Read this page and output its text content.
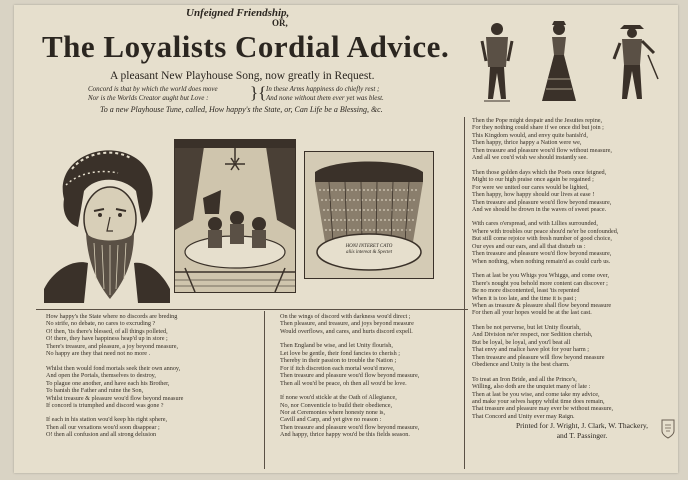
Unfeigned Friendship,
OR,
The Loyalists Cordial Advice.
A pleasant New Playhouse Song, now greatly in Request.
Concord is that by which the world does move
Nor is the Worlds Creator aught but Love : }{ In these Arms happiness do chiefly rest ;
And none without them ever yet was blest.
To a new Playhouse Tune, called, How happy's the State, or, Can Life be a Blessing, &c.
HONI INTERET CATO aliis intereat & Spectet
How happy's the State where no discords are breding
No strife, no debate, no cares to excruding ?
O! then, 'tis there's blessed, of all things polleted,
O! there, they have happiness heap'd up in store ;
There's treasure, and pleasure, a joy beyond measure,
No happy are they that need not no more .
Whilst then would fond mortals seek their own annoy,
And open the Portals, themselves to destroy,
To plague one another, and have each his Brother,
To banish the Father and ruine the Son,
Whilst treasure & pleasure wou'd flow beyond measure
If concord is triumphed and discord was gone ?
If each in his station wou'd keep his right sphere,
Then all our vexations wou'd soon disappear ;
O! then all confusion and all strong delusion
On the wings of discord with darkness wou'd direct ;
Then pleasure, and treasure, and joys beyond measure
Would overflows, and cares, and hurts discord expell.
Then England be wise, and let Unity flourish,
Let love be gentle, their fond fancies to cherish ;
Thereby in their passion to trouble the Nation ;
For if itch discretion each mortal wou'd move,
Then treasure and pleasure wou'd flow beyond measure,
Then all wou'd be peace, oh then all wou'd be love.
If none wou'd stickle at the Oath of Allegiance,
No, nor Conventicle to build their obedience,
Nor at Ceremonies where honesty none is,
Cavill and Carp, and yet give no reason :
Then treasure and pleasure wou'd flow beyond measure,
And happy, thrice happy wou'd be this fields season.
Then the Pope might despair and the Jesuites repine,
For they nothing could share if we once did but join ;
This Kingdom would, and envy quite banish'd,
Then happy, thrice happy a Nation were we,
Then treasure and pleasure wou'd flow without measure,
And all we cou'd wish we should instantly see.
Then those golden days which the Poets once feigned,
Might to our high praise once again be regained ;
For were we united our cares would be lighted,
Then happy, how happy should our lives at ease !
Then treasure and pleasure wou'd flow beyond measure,
And we should be drown in the waves of sweet peace.
With cares o'erspread, and with Lillies surrounded,
Where with troubles our peace shou'd ne'er be confounded,
But still come rejoice with fresh number of good choice,
Our eyes and our ears, and all that disturb us :
Then treasure and pleasure wou'd flow beyond measure,
When nothing, when nothing remain'd as could curb us.
Then at last be you Whigs you Whiggs, and come over,
There's nought you behold more content can discover ;
Be no more discontented, least 'tis repented
When it is too late, and the time it is past ;
When as treasure & pleasure shall flow beyond measure
For then all your hopes would be at the last cast.
Then be not perverse, but let Unity flourish,
And Division ne'er respect, nor Sedition cherish,
But be loyal, be loyal, and you'l beat all
That envy and malice have plot for your harm ;
Then treasure and pleasure will flow beyond measure
Obedience and Unity is the best charm.
To treat an Iron Bride, and all the Prince's,
Willing, also doth are the unquiet many of late :
Then at last be you wise, and come take my advice,
and make your selves happy whilst time does remain,
That treasure and pleasure may ever be without measure,
That Concord and Unity ever may Raign.
Printed for J. Wright, J. Clark, W. Thackery,
and T. Passinger.
